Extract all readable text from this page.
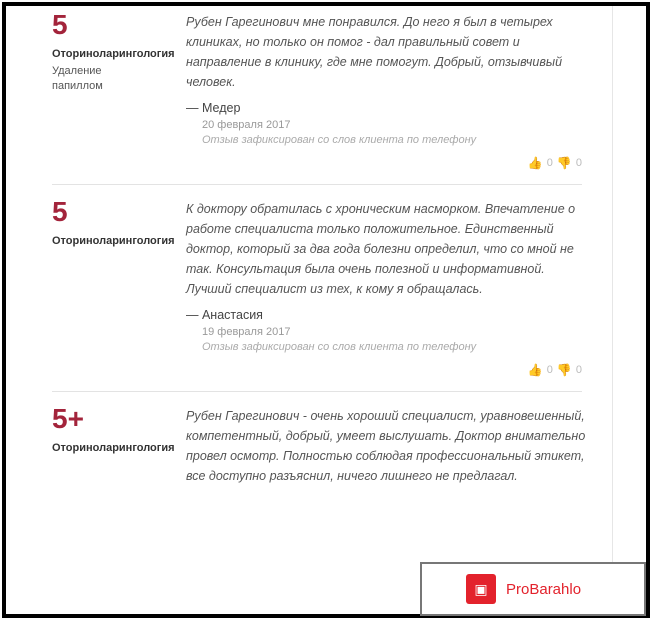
5
Оториноларингология
Удаление папиллом
Рубен Гарегинович мне понравился. До него я был в четырех клиниках, но только он помог - дал правильный совет и направление в клинику, где мне помогут. Добрый, отзывчивый человек.
— Медер
20 февраля 2017
Отзыв зафиксирован со слов клиента по телефону
👍 0 👎 0
5
Оториноларингология
К доктору обратилась с хроническим насморком. Впечатление о работе специалиста только положительное. Единственный доктор, который за два года болезни определил, что со мной не так. Консультация была очень полезной и информативной. Лучший специалист из тех, к кому я обращалась.
— Анастасия
19 февраля 2017
Отзыв зафиксирован со слов клиента по телефону
👍 0 👎 0
5+
Оториноларингология
Рубен Гарегинович - очень хороший специалист, уравновешенный, компетентный, добрый, умеет выслушать. Доктор внимательно провел осмотр. Полностью соблюдая профессиональный этикет, все доступно разъяснил, ничего лишнего не предлагал.
▣	ProBarahlo
